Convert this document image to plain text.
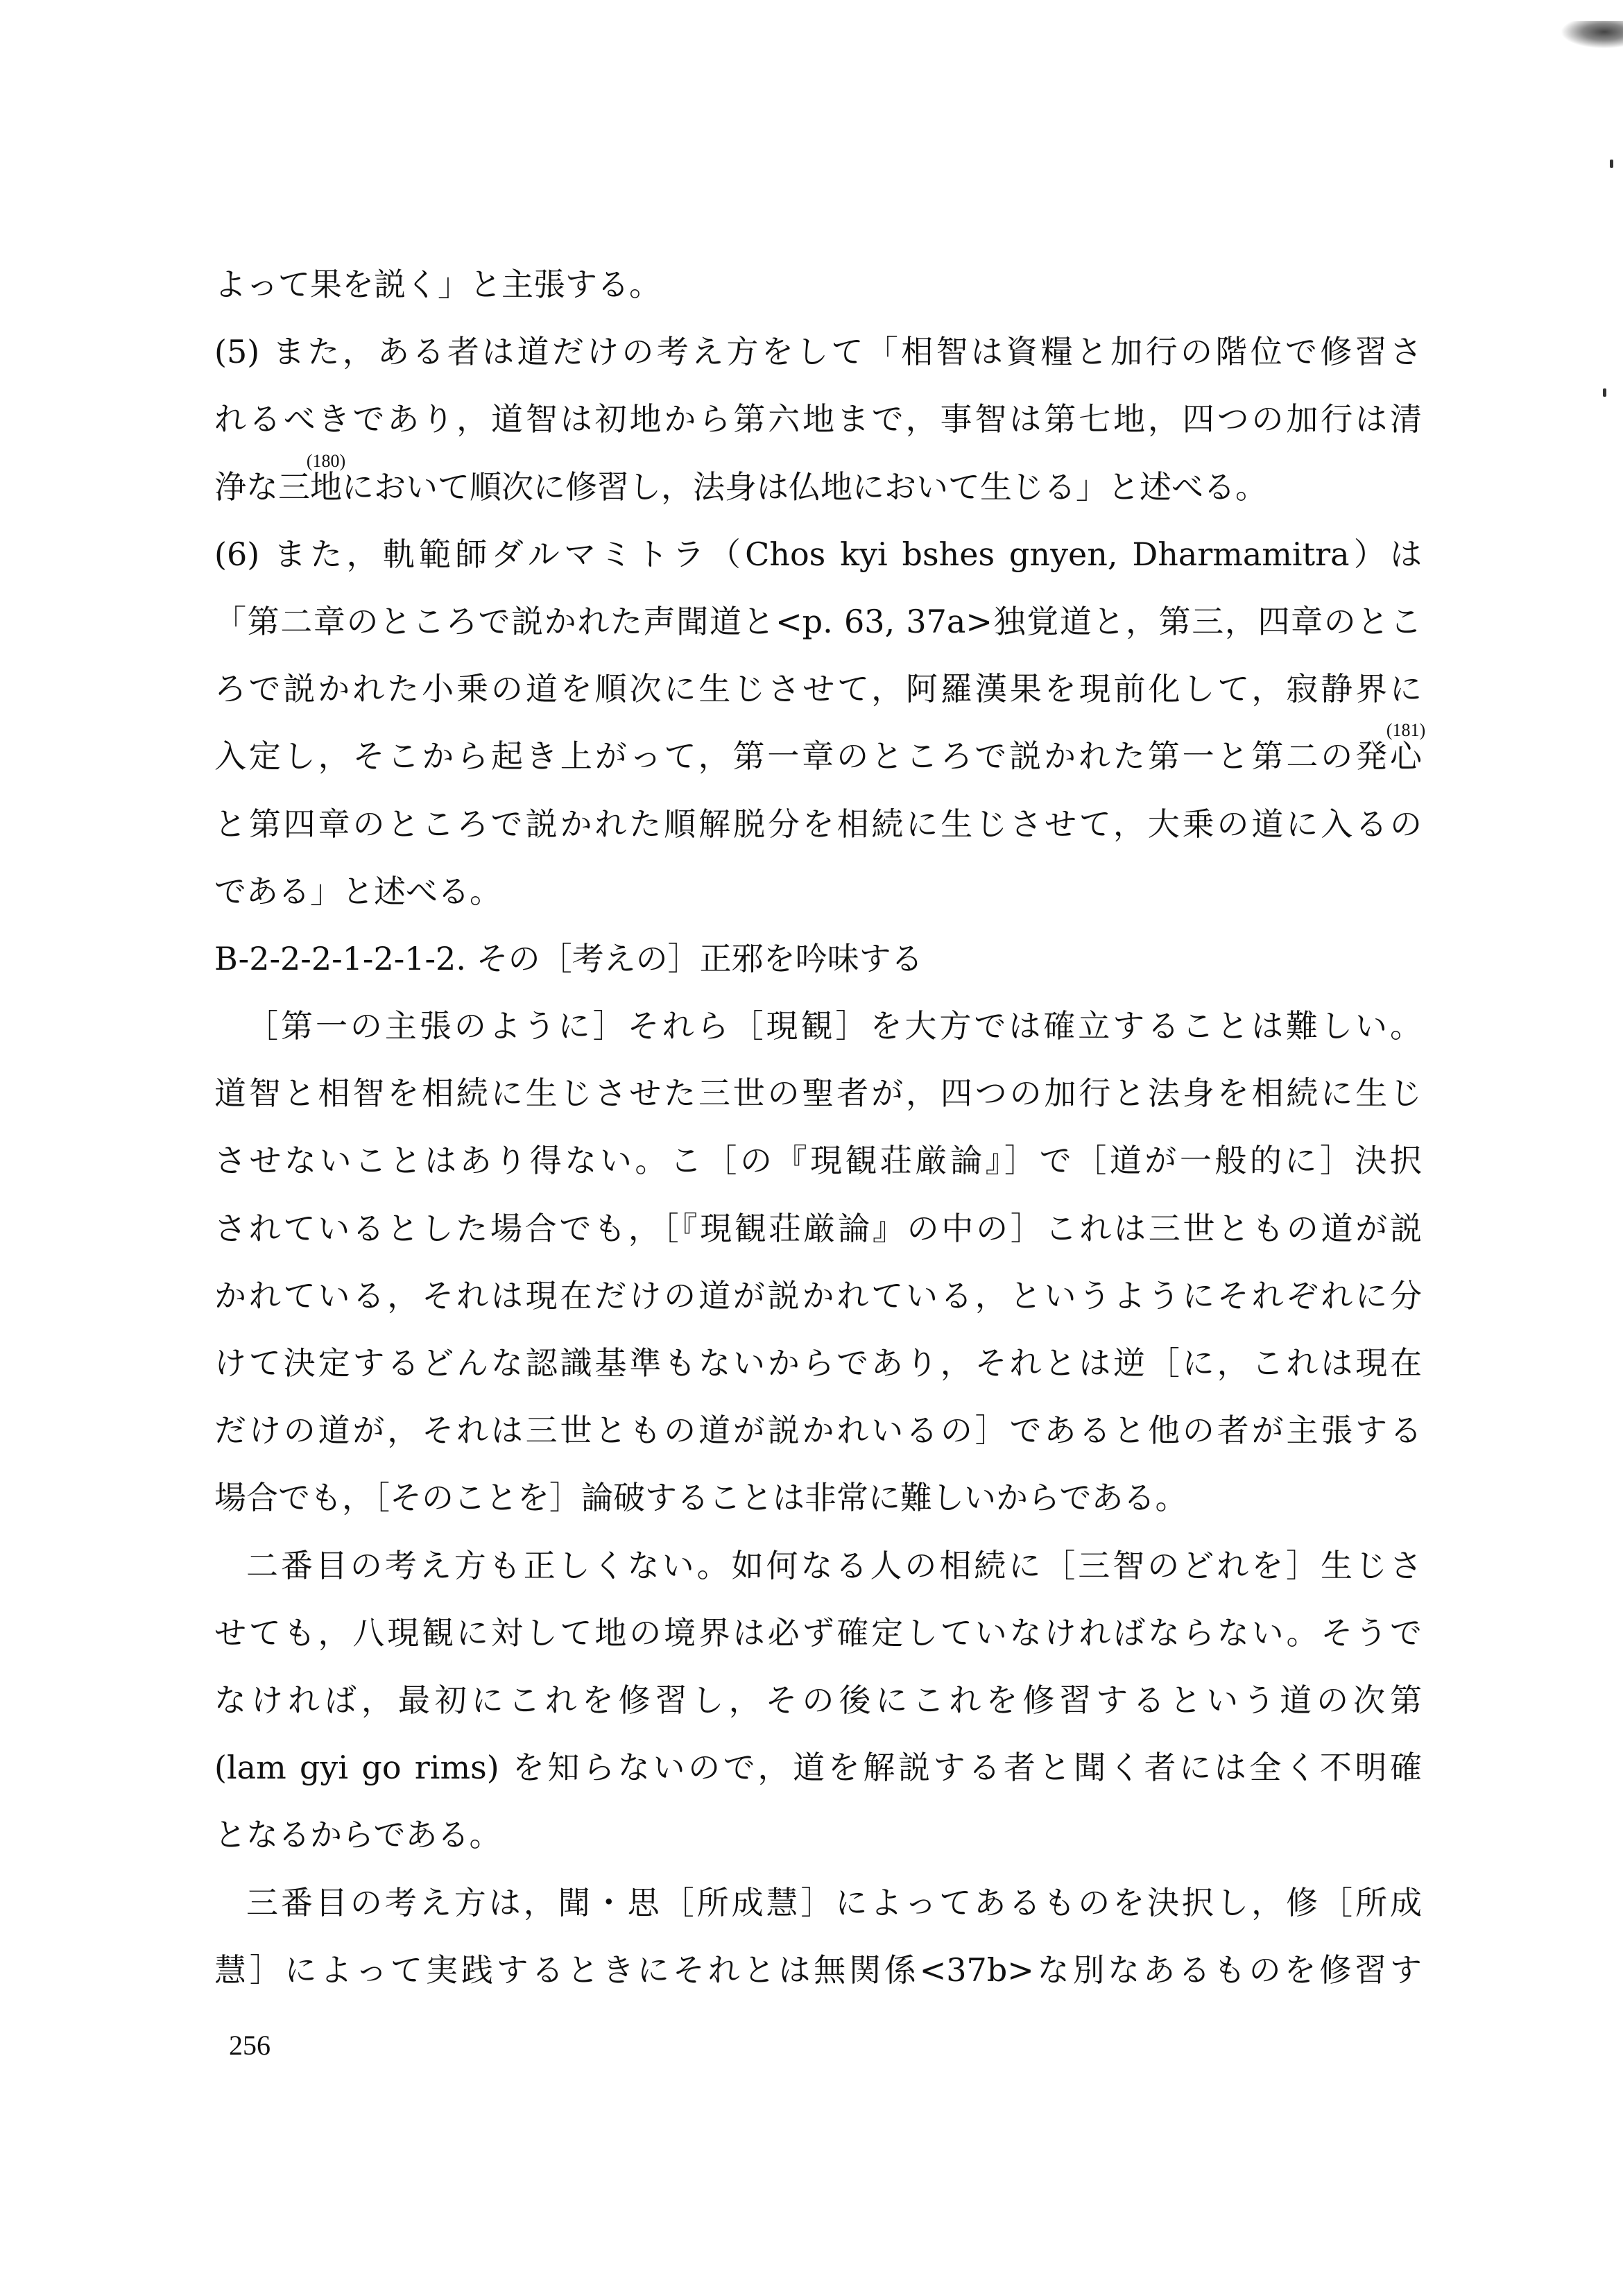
よって果を説く」と主張する。
(5) また，ある者は道だけの考え方をして「相智は資糧と加行の階位で修習さ
れるべきであり，道智は初地から第六地まで，事智は第七地，四つの加行は清
浄な三
(180)
地において順次に修習し，法身は仏地において生じる」と述べる。
(6) また，軌範師ダルマミトラ（Chos kyi bshes gnyen, Dharmamitra）は
「第二章のところで説かれた声聞道と<p. 63, 37a>独覚道と，第三，四章のとこ
ろで説かれた小乗の道を順次に生じさせて，阿羅漢果を現前化して，寂静界に
入定し，そこから起き上がって，第一章のところで説かれた第一と第二の発
(181)
心
と第四章のところで説かれた順解脱分を相続に生じさせて，大乗の道に入るの
である」と述べる。
B-2-2-2-1-2-1-2. その［考えの］正邪を吟味する
［第一の主張のように］それら［現観］を大方では確立することは難しい。
道智と相智を相続に生じさせた三世の聖者が，四つの加行と法身を相続に生じ
させないことはあり得ない。こ［の『現観荘厳論』］で［道が一般的に］決択
されているとした場合でも，［『現観荘厳論』の中の］これは三世ともの道が説
かれている，それは現在だけの道が説かれている，というようにそれぞれに分
けて決定するどんな認識基準もないからであり，それとは逆［に，これは現在
だけの道が，それは三世ともの道が説かれいるの］であると他の者が主張する
場合でも，［そのことを］論破することは非常に難しいからである。
二番目の考え方も正しくない。如何なる人の相続に［三智のどれを］生じさ
せても，八現観に対して地の境界は必ず確定していなければならない。そうで
なければ，最初にこれを修習し，その後にこれを修習するという道の次第
(lam gyi go rims) を知らないので，道を解説する者と聞く者には全く不明確
となるからである。
三番目の考え方は，聞・思［所成慧］によってあるものを決択し，修［所成
慧］によって実践するときにそれとは無関係<37b>な別なあるものを修習す
256
